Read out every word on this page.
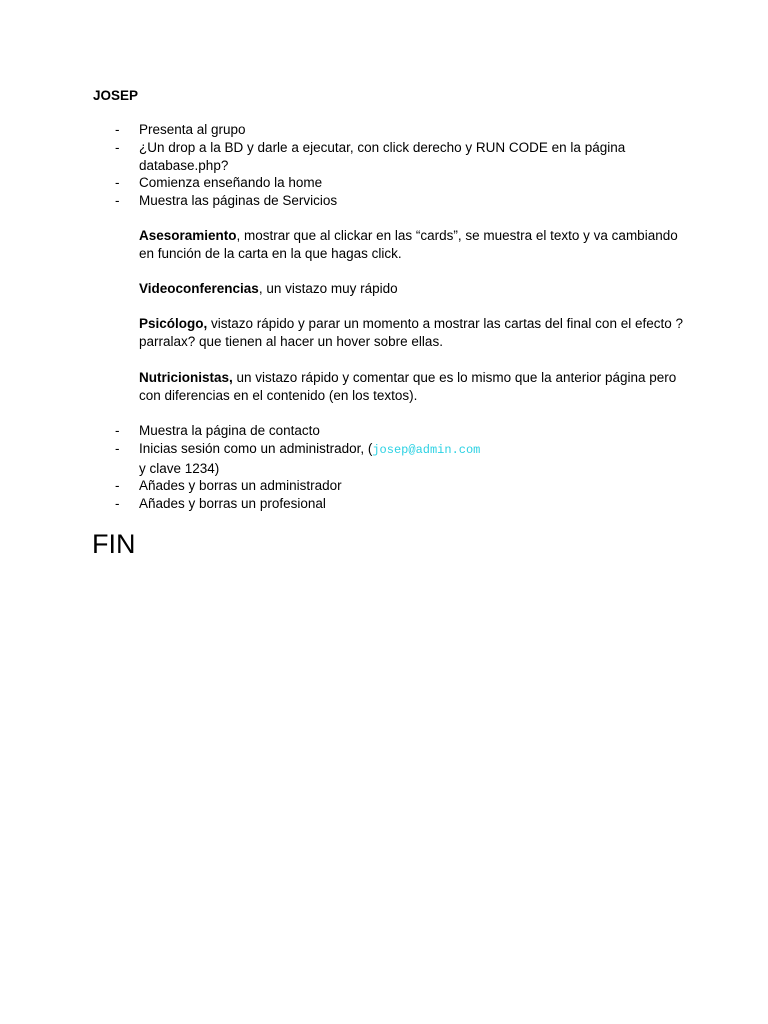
JOSEP
- Presenta al grupo
- ¿Un drop a la BD y darle a ejecutar, con click derecho y RUN CODE en la página database.php?
- Comienza enseñando la home
- Muestra las páginas de Servicios

Asesoramiento, mostrar que al clickar en las “cards”, se muestra el texto y va cambiando en función de la carta en la que hagas click.

Videoconferencias, un vistazo muy rápido

Psicólogo, vistazo rápido y parar un momento a mostrar las cartas del final con el efecto ?parralax? que tienen al hacer un hover sobre ellas.

Nutricionistas, un vistazo rápido y comentar que es lo mismo que la anterior página pero con diferencias en el contenido (en los textos).

- Muestra la página de contacto
- Inicias sesión como un administrador, (josep@admin.com
y clave 1234)
- Añades y borras un administrador
- Añades y borras un profesional
FIN
